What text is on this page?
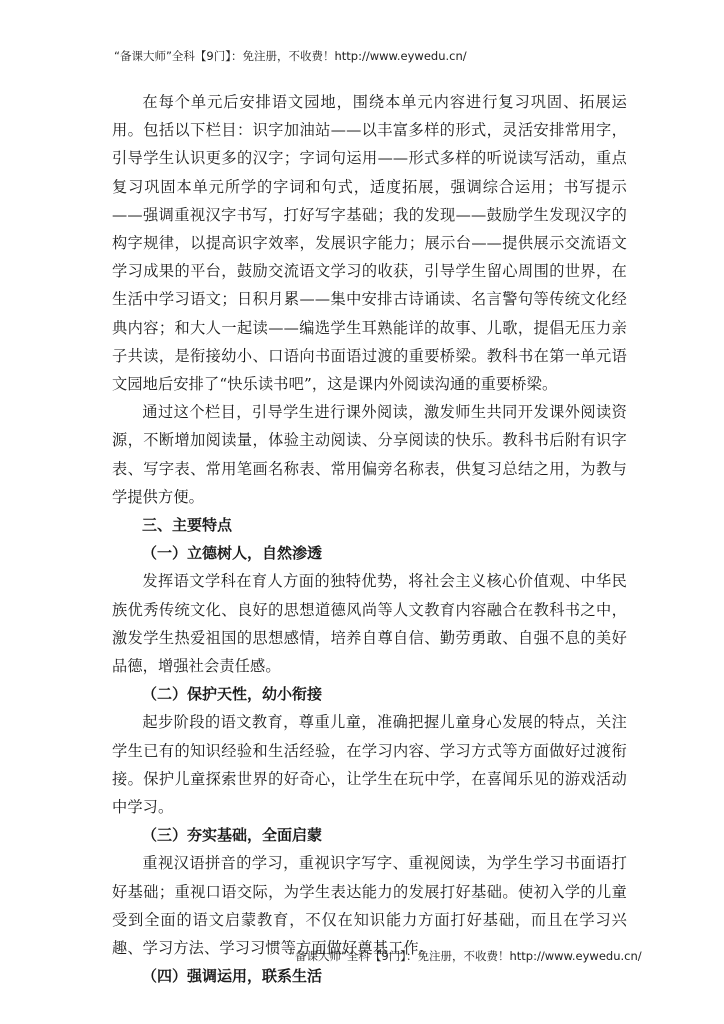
“备课大师”全科【9门】：免注册，不收费！http://www.eywedu.cn/

在每个单元后安排语文园地，围绕本单元内容进行复习巩固、拓展运用。包括以下栏目：识字加油站——以丰富多样的形式，灵活安排常用字，引导学生认识更多的汉字；字词句运用——形式多样的听说读写活动，重点复习巩固本单元所学的字词和句式，适度拓展，强调综合运用；书写提示——强调重视汉字书写，打好写字基础；我的发现——鼓励学生发现汉字的构字规律，以提高识字效率，发展识字能力；展示台——提供展示交流语文学习成果的平台，鼓励交流语文学习的收获，引导学生留心周围的世界，在生活中学习语文；日积月累——集中安排古诗诵读、名言警句等传统文化经典内容；和大人一起读——编选学生耳熟能详的故事、儿歌，提倡无压力亲子共读，是衔接幼小、口语向书面语过渡的重要桥梁。教科书在第一单元语文园地后安排了“快乐读书吧”，这是课内外阅读沟通的重要桥梁。

通过这个栏目，引导学生进行课外阅读，激发师生共同开发课外阅读资源，不断增加阅读量，体验主动阅读、分享阅读的快乐。教科书后附有识字表、写字表、常用笔画名称表、常用偏旁名称表，供复习总结之用，为教与学提供方便。

三、主要特点

（一）立德树人，自然渗透

发挥语文学科在育人方面的独特优势，将社会主义核心价值观、中华民族优秀传统文化、良好的思想道德风尚等人文教育内容融合在教科书之中，激发学生热爱祖国的思想感情，培养自尊自信、勤劳勇敢、自强不息的美好品德，增强社会责任感。

（二）保护天性，幼小衔接

起步阶段的语文教育，尊重儿童，准确把握儿童身心发展的特点，关注学生已有的知识经验和生活经验，在学习内容、学习方式等方面做好过渡衔接。保护儿童探索世界的好奇心，让学生在玩中学，在喜闻乐见的游戏活动中学习。

（三）夯实基础，全面启蒙

重视汉语拼音的学习，重视识字写字、重视阅读，为学生学习书面语打好基础；重视口语交际，为学生表达能力的发展打好基础。使初入学的儿童受到全面的语文启蒙教育，不仅在知识能力方面打好基础，而且在学习兴趣、学习方法、学习习惯等方面做好奠基工作。

（四）强调运用，联系生活

“备课大师”全科【9门】：免注册，不收费！http://www.eywedu.cn/
